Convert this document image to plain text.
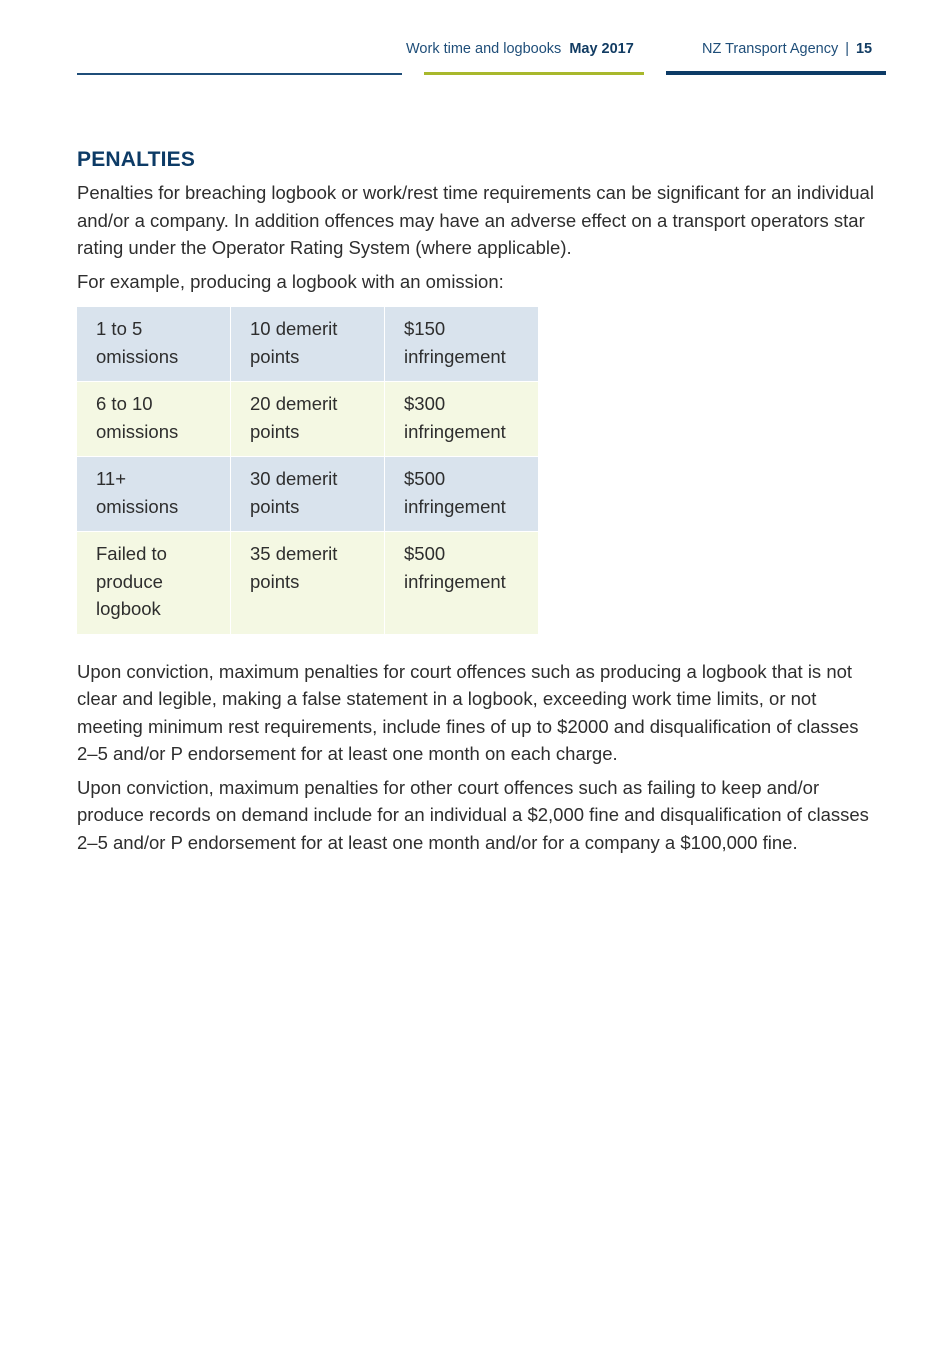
Work time and logbooks May 2017	NZ Transport Agency | 15
PENALTIES

Penalties for breaching logbook or work/rest time requirements can be significant for an individual and/or a company. In addition offences may have an adverse effect on a transport operators star rating under the Operator Rating System (where applicable).

For example, producing a logbook with an omission:

1 to 5 omissions	10 demerit points	$150 infringement

6 to 10 omissions	20 demerit points	$300 infringement

11+ omissions	30 demerit points	$500 infringement

Failed to produce logbook	35 demerit points	$500 infringement

Upon conviction, maximum penalties for court offences such as producing a logbook that is not clear and legible, making a false statement in a logbook, exceeding work time limits, or not meeting minimum rest requirements, include fines of up to $2000 and disqualification of classes 2–5 and/or P endorsement for at least one month on each charge.

Upon conviction, maximum penalties for other court offences such as failing to keep and/or produce records on demand include for an individual a $2,000 fine and disqualification of classes 2–5 and/or P endorsement for at least one month and/or for a company a $100,000 fine.
